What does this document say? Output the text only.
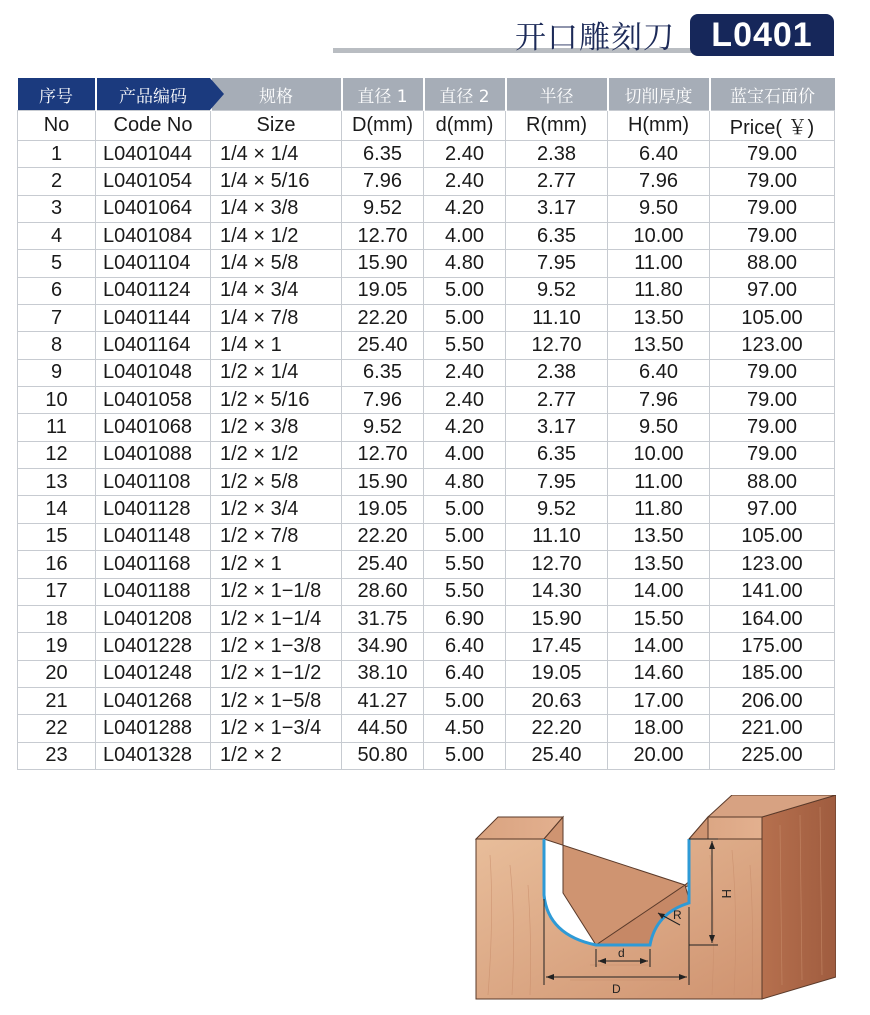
开口雕刻刀	L0401
序号	产品编码	规格	直径 1	直径 2	半径	切削厚度	蓝宝石面价
No	Code No	Size	D(mm)	d(mm)	R(mm)	H(mm)	Price( ￥)
1	L0401044	1/4 × 1/4	6.35	2.40	2.38	6.40	79.00
2	L0401054	1/4 × 5/16	7.96	2.40	2.77	7.96	79.00
3	L0401064	1/4 × 3/8	9.52	4.20	3.17	9.50	79.00
4	L0401084	1/4 × 1/2	12.70	4.00	6.35	10.00	79.00
5	L0401104	1/4 × 5/8	15.90	4.80	7.95	11.00	88.00
6	L0401124	1/4 × 3/4	19.05	5.00	9.52	11.80	97.00
7	L0401144	1/4 × 7/8	22.20	5.00	11.10	13.50	105.00
8	L0401164	1/4 × 1	25.40	5.50	12.70	13.50	123.00
9	L0401048	1/2 × 1/4	6.35	2.40	2.38	6.40	79.00
10	L0401058	1/2 × 5/16	7.96	2.40	2.77	7.96	79.00
11	L0401068	1/2 × 3/8	9.52	4.20	3.17	9.50	79.00
12	L0401088	1/2 × 1/2	12.70	4.00	6.35	10.00	79.00
13	L0401108	1/2 × 5/8	15.90	4.80	7.95	11.00	88.00
14	L0401128	1/2 × 3/4	19.05	5.00	9.52	11.80	97.00
15	L0401148	1/2 × 7/8	22.20	5.00	11.10	13.50	105.00
16	L0401168	1/2 × 1	25.40	5.50	12.70	13.50	123.00
17	L0401188	1/2 × 1−1/8	28.60	5.50	14.30	14.00	141.00
18	L0401208	1/2 × 1−1/4	31.75	6.90	15.90	15.50	164.00
19	L0401228	1/2 × 1−3/8	34.90	6.40	17.45	14.00	175.00
20	L0401248	1/2 × 1−1/2	38.10	6.40	19.05	14.60	185.00
21	L0401268	1/2 × 1−5/8	41.27	5.00	20.63	17.00	206.00
22	L0401288	1/2 × 1−3/4	44.50	4.50	22.20	18.00	221.00
23	L0401328	1/2 × 2	50.80	5.00	25.40	20.00	225.00
H
R
d
D
